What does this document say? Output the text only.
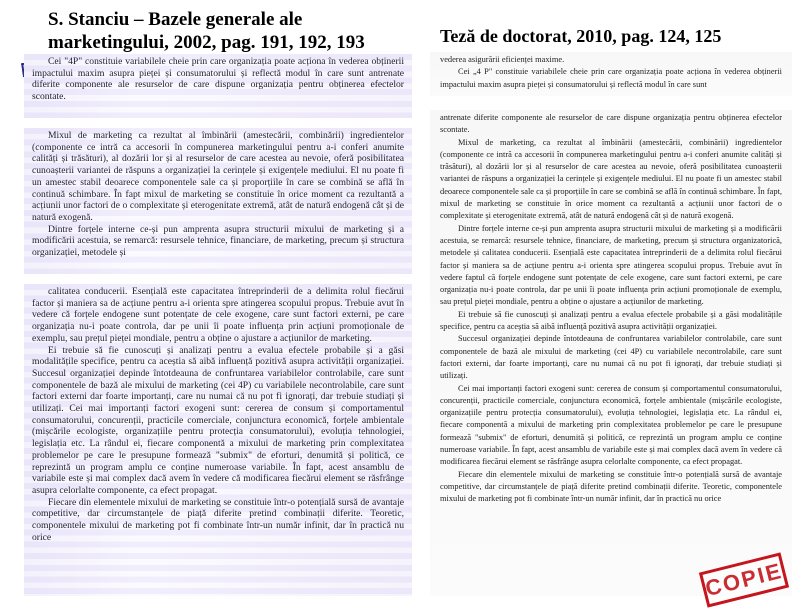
S. Stanciu – Bazele generale ale
marketingului, 2002, pag. 191, 192, 193	Teză de doctorat, 2010, pag. 124, 125

Cei "4P" constituie variabilele cheie prin care organizația poate acționa în vederea obținerii impactului maxim asupra pieței și consumatorului și reflectă modul în care sunt antrenate diferite componente ale resurselor de care dispune organizația pentru obținerea efectelor scontate.

Mixul de marketing ca rezultat al îmbinării (amestecării, combinării) ingredientelor (componente ce intră ca accesorii în compunerea marketingului pentru a-i conferi anumite calități și trăsături), al dozării lor și al resurselor de care acestea au nevoie, oferă posibilitatea cunoașterii variantei de răspuns a organizației la cerințele și exigențele mediului. El nu poate fi un amestec stabil deoarece componentele sale ca și proporțiile în care se combină se află în continuă schimbare. În fapt mixul de marketing se constituie în orice moment ca rezultantă a acțiunii unor factori de o complexitate și eterogenitate extremă, atât de natură endogenă cât și de natură exogenă.

Dintre forțele interne ce-și pun amprenta asupra structurii mixului de marketing și a modificării acestuia, se remarcă: resursele tehnice, financiare, de marketing, precum și structura organizației, metodele și

calitatea conducerii. Esențială este capacitatea întreprinderii de a delimita rolul fiecărui factor și maniera sa de acțiune pentru a-i orienta spre atingerea scopului propus. Trebuie avut în vedere că forțele endogene sunt potențate de cele exogene, care sunt factori externi, pe care organizația nu-i poate controla, dar pe unii îi poate influența prin acțiuni promoționale de exemplu, sau prețul pieței mondiale, pentru a obține o ajustare a acțiunilor de marketing.

Ei trebuie să fie cunoscuți și analizați pentru a evalua efectele probabile și a găsi modalitățile specifice, pentru ca aceștia să aibă influență pozitivă asupra activității organizației. Succesul organizației depinde întotdeauna de confruntarea variabilelor controlabile, care sunt componentele de bază ale mixului de marketing (cei 4P) cu variabilele necontrolabile, care sunt factori externi dar foarte importanți, care nu numai că nu pot fi ignorați, dar trebuie studiați și utilizați. Cei mai importanți factori exogeni sunt: cererea de consum și comportamentul consumatorului, concurenții, practicile comerciale, conjunctura economică, forțele ambientale (mișcările ecologiste, organizațiile pentru protecția consumatorului), evoluția tehnologiei, legislația etc. La rândul ei, fiecare componentă a mixului de marketing prin complexitatea problemelor pe care le presupune formează "submix" de eforturi, denumită și politică, ce reprezintă un program amplu ce conține numeroase variabile. În fapt, acest ansamblu de variabile este și mai complex dacă avem în vedere că modificarea fiecărui element se răsfrânge asupra celorlalte componente, ca efect propagat.

Fiecare din elementele mixului de marketing se constituie într-o potențială sursă de avantaje competitive, dar circumstanțele de piață diferite pretind combinații diferite. Teoretic, componentele mixului de marketing pot fi combinate într-un număr infinit, dar în practică nu orice

vederea asigurării eficienței maxime.

Cei „4 P" constituie variabilele cheie prin care organizația poate acționa în vederea obținerii impactului maxim asupra pieței și consumatorului și reflectă modul în care sunt

antrenate diferite componente ale resurselor de care dispune organizația pentru obținerea efectelor scontate.

Mixul de marketing, ca rezultat al îmbinării (amestecării, combinării) ingredientelor (componente ce intră ca accesorii în compunerea marketingului pentru a-i conferi anumite calități și trăsături), al dozării lor și al resurselor de care acestea au nevoie, oferă posibilitatea cunoașterii variantei de răspuns a organizației la cerințele și exigențele mediului. El nu poate fi un amestec stabil deoarece componentele sale ca și proporțiile în care se combină se află în continuă schimbare. În fapt, mixul de marketing se constituie în orice moment ca rezultantă a acțiunii unor factori de o complexitate și eterogenitate extremă, atât de natură endogenă cât și de natură exogenă.

Dintre forțele interne ce-și pun amprenta asupra structurii mixului de marketing și a modificării acestuia, se remarcă: resursele tehnice, financiare, de marketing, precum și structura organizatorică, metodele și calitatea conducerii. Esențială este capacitatea întreprinderii de a delimita rolul fiecărui factor și maniera sa de acțiune pentru a-i orienta spre atingerea scopului propus. Trebuie avut în vedere faptul că forțele endogene sunt potențate de cele exogene, care sunt factori externi, pe care organizația nu-i poate controla, dar pe unii îi poate influența prin acțiuni promoționale de exemplu, sau prețul pieței mondiale, pentru a obține o ajustare a acțiunilor de marketing.

Ei trebuie să fie cunoscuți și analizați pentru a evalua efectele probabile și a găsi modalitățile specifice, pentru ca aceștia să aibă influență pozitivă asupra activității organizației.

Succesul organizației depinde întotdeauna de confruntarea variabilelor controlabile, care sunt componentele de bază ale mixului de marketing (cei 4P) cu variabilele necontrolabile, care sunt factori externi, dar foarte importanți, care nu numai că nu pot fi ignorați, dar trebuie studiați și utilizați.

Cei mai importanți factori exogeni sunt: cererea de consum și comportamentul consumatorului, concurenții, practicile comerciale, conjunctura economică, forțele ambientale (mișcările ecologiste, organizațiile pentru protecția consumatorului), evoluția tehnologiei, legislația etc. La rândul ei, fiecare componentă a mixului de marketing prin complexitatea problemelor pe care le presupune formează "submix" de eforturi, denumită și politică, ce reprezintă un program amplu ce conține numeroase variabile. În fapt, acest ansamblu de variabile este și mai complex dacă avem în vedere că modificarea fiecărui element se răsfrânge asupra celorlalte componente, ca efect propagat.

Fiecare din elementele mixului de marketing se constituie într-o potențială sursă de avantaje competitive, dar circumstanțele de piață diferite pretind combinații diferite. Teoretic, componentele mixului de marketing pot fi combinate într-un număr infinit, dar în practică nu orice

COPIE
